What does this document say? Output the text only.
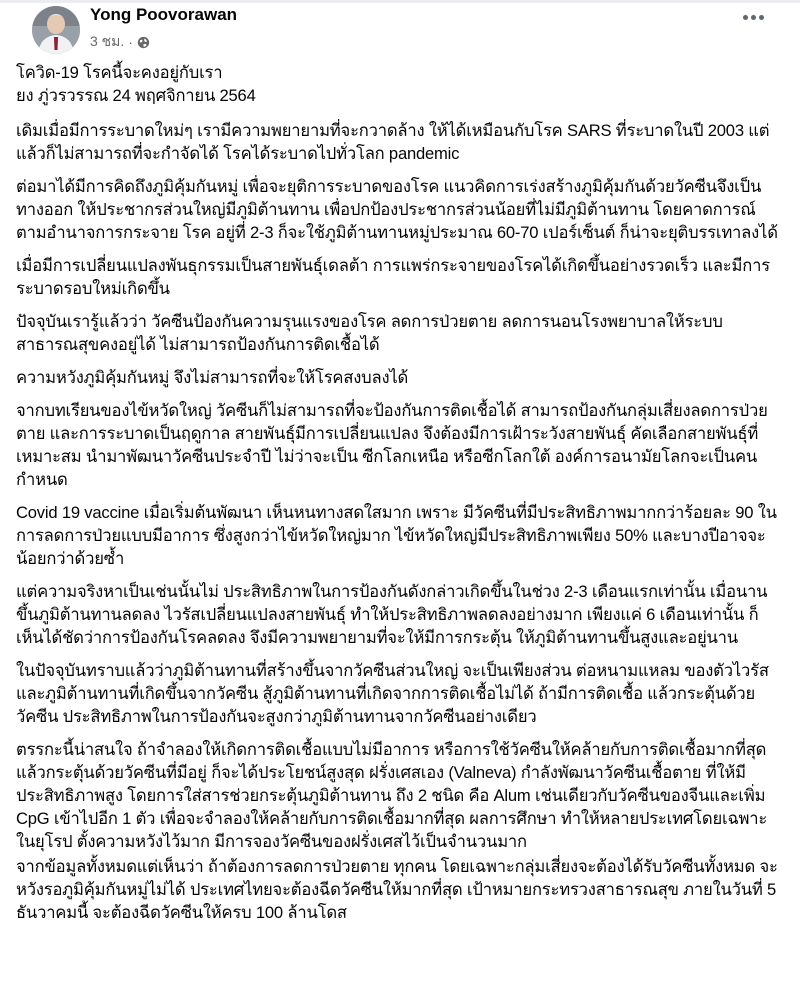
Yong Poovorawan
3 ชม. ·

โควิด-19 โรคนี้จะคงอยู่กับเรา

ยง ภู่วรวรรณ 24 พฤศจิกายน 2564

เดิมเมื่อมีการระบาดใหม่ๆ เรามีความพยายามที่จะกวาดล้าง ให้ได้เหมือนกับโรค SARS ที่ระบาดในปี 2003 แต่แล้วก็ไม่สามารถที่จะกำจัดได้ โรคได้ระบาดไปทั่วโลก pandemic

ต่อมาได้มีการคิดถึงภูมิคุ้มกันหมู่ เพื่อจะยุติการระบาดของโรค แนวคิดการเร่งสร้างภูมิคุ้มกันด้วยวัคซีนจึงเป็นทางออก ให้ประชากรส่วนใหญ่มีภูมิต้านทาน เพื่อปกป้องประชากรส่วนน้อยที่ไม่มีภูมิต้านทาน โดยคาดการณ์ตามอำนาจการกระจาย โรค อยู่ที่ 2-3 ก็จะใช้ภูมิต้านทานหมู่ประมาณ 60-70 เปอร์เซ็นต์ ก็น่าจะยุติบรรเทาลงได้

เมื่อมีการเปลี่ยนแปลงพันธุกรรมเป็นสายพันธุ์เดลต้า การแพร่กระจายของโรคได้เกิดขึ้นอย่างรวดเร็ว และมีการระบาดรอบใหม่เกิดขึ้น

ปัจจุบันเรารู้แล้วว่า วัคซีนป้องกันความรุนแรงของโรค ลดการป่วยตาย ลดการนอนโรงพยาบาลให้ระบบสาธารณสุขคงอยู่ได้ ไม่สามารถป้องกันการติดเชื้อได้

ความหวังภูมิคุ้มกันหมู่ จึงไม่สามารถที่จะให้โรคสงบลงได้

จากบทเรียนของไข้หวัดใหญ่ วัคซีนก็ไม่สามารถที่จะป้องกันการติดเชื้อได้ สามารถป้องกันกลุ่มเสี่ยงลดการป่วยตาย และการระบาดเป็นฤดูกาล สายพันธุ์มีการเปลี่ยนแปลง จึงต้องมีการเฝ้าระวังสายพันธุ์ คัดเลือกสายพันธุ์ที่เหมาะสม นำมาพัฒนาวัคซีนประจำปี ไม่ว่าจะเป็น ซีกโลกเหนือ หรือซีกโลกใต้ องค์การอนามัยโลกจะเป็นคนกำหนด

Covid 19 vaccine เมื่อเริ่มต้นพัฒนา เห็นหนทางสดใสมาก เพราะ มีวัคซีนที่มีประสิทธิภาพมากกว่าร้อยละ 90 ในการลดการป่วยแบบมีอาการ ซึ่งสูงกว่าไข้หวัดใหญ่มาก ไข้หวัดใหญ่มีประสิทธิภาพเพียง 50% และบางปีอาจจะน้อยกว่าด้วยซ้ำ

แต่ความจริงหาเป็นเช่นนั้นไม่ ประสิทธิภาพในการป้องกันดังกล่าวเกิดขึ้นในช่วง 2-3 เดือนแรกเท่านั้น เมื่อนานขึ้นภูมิต้านทานลดลง ไวรัสเปลี่ยนแปลงสายพันธุ์ ทำให้ประสิทธิภาพลดลงอย่างมาก เพียงแค่ 6 เดือนเท่านั้น ก็เห็นได้ชัดว่าการป้องกันโรคลดลง จึงมีความพยายามที่จะให้มีการกระตุ้น ให้ภูมิต้านทานขึ้นสูงและอยู่นาน

ในปัจจุบันทราบแล้วว่าภูมิต้านทานที่สร้างขึ้นจากวัคซีนส่วนใหญ่ จะเป็นเพียงส่วน ต่อหนามแหลม ของตัวไวรัส และภูมิต้านทานที่เกิดขึ้นจากวัคซีน สู้ภูมิต้านทานที่เกิดจากการติดเชื้อไม่ได้ ถ้ามีการติดเชื้อ แล้วกระตุ้นด้วยวัคซีน ประสิทธิภาพในการป้องกันจะสูงกว่าภูมิต้านทานจากวัคซีนอย่างเดียว

ตรรกะนี้น่าสนใจ ถ้าจำลองให้เกิดการติดเชื้อแบบไม่มีอาการ หรือการใช้วัคซีนให้คล้ายกับการติดเชื้อมากที่สุด แล้วกระตุ้นด้วยวัคซีนที่มีอยู่ ก็จะได้ประโยชน์สูงสุด ฝรั่งเศสเอง (Valneva) กำลังพัฒนาวัคซีนเชื้อตาย ที่ให้มีประสิทธิภาพสูง โดยการใส่สารช่วยกระตุ้นภูมิต้านทาน ถึง 2 ชนิด คือ Alum เช่นเดียวกับวัคซีนของจีนและเพิ่ม CpG เข้าไปอีก 1 ตัว เพื่อจะจำลองให้คล้ายกับการติดเชื้อมากที่สุด ผลการศึกษา ทำให้หลายประเทศโดยเฉพาะในยุโรป ตั้งความหวังไว้มาก มีการจองวัคซีนของฝรั่งเศสไว้เป็นจำนวนมาก

จากข้อมูลทั้งหมดแต่เห็นว่า ถ้าต้องการลดการป่วยตาย ทุกคน โดยเฉพาะกลุ่มเสี่ยงจะต้องได้รับวัคซีนทั้งหมด จะหวังรอภูมิคุ้มกันหมู่ไม่ได้ ประเทศไทยจะต้องฉีดวัคซีนให้มากที่สุด เป้าหมายกระทรวงสาธารณสุข ภายในวันที่ 5 ธันวาคมนี้ จะต้องฉีดวัคซีนให้ครบ 100 ล้านโดส
